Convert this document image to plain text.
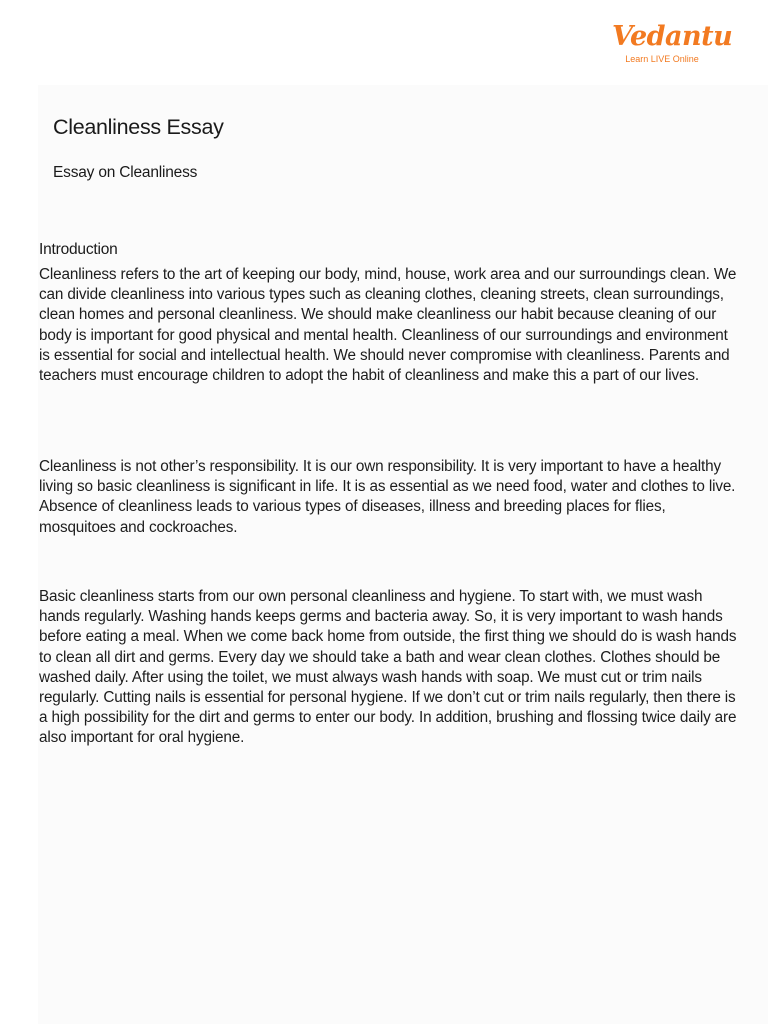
Vedantu
Learn LIVE Online
Cleanliness Essay
Essay on Cleanliness
Introduction

Cleanliness refers to the art of keeping our body, mind, house, work area and our surroundings clean. We can divide cleanliness into various types such as cleaning clothes, cleaning streets, clean surroundings, clean homes and personal cleanliness. We should make cleanliness our habit because cleaning of our body is important for good physical and mental health. Cleanliness of our surroundings and environment is essential for social and intellectual health. We should never compromise with cleanliness. Parents and teachers must encourage children to adopt the habit of cleanliness and make this a part of our lives.

Cleanliness is not other’s responsibility. It is our own responsibility. It is very important to have a healthy living so basic cleanliness is significant in life. It is as essential as we need food, water and clothes to live. Absence of cleanliness leads to various types of diseases, illness and breeding places for flies, mosquitoes and cockroaches.

Basic cleanliness starts from our own personal cleanliness and hygiene. To start with, we must wash hands regularly. Washing hands keeps germs and bacteria away. So, it is very important to wash hands before eating a meal. When we come back home from outside, the first thing we should do is wash hands to clean all dirt and germs. Every day we should take a bath and wear clean clothes. Clothes should be washed daily. After using the toilet, we must always wash hands with soap. We must cut or trim nails regularly. Cutting nails is essential for personal hygiene. If we don’t cut or trim nails regularly, then there is a high possibility for the dirt and germs to enter our body. In addition, brushing and flossing twice daily are also important for oral hygiene.
